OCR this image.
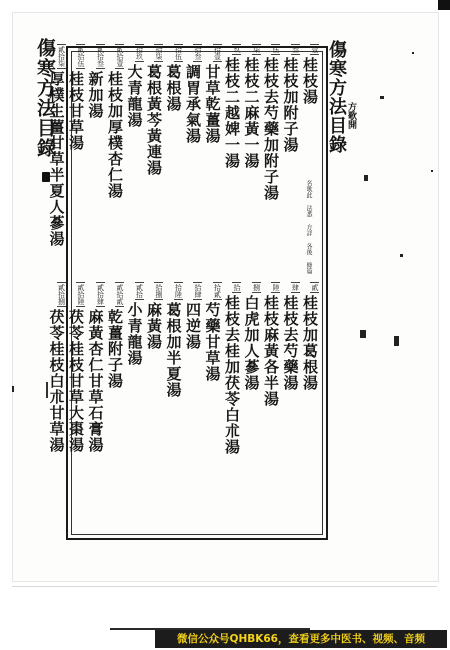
傷寒方法目錄	傷寒方法目錄 方歌開
名歌此 法悉 方詳 各後 條篇
壹
桂枝湯
叁
桂枝加附子湯
伍
桂枝去芍藥加附子湯
柒
桂枝二麻黃一湯
玖
桂枝二越婢一湯
拾壹
甘草乾薑湯
拾叁
調胃承氣湯
拾伍
葛根湯
拾柒
葛根黃芩黃連湯
拾玖
大青龍湯
貳拾壹
桂枝加厚樸杏仁湯
貳拾叁
新加湯
貳拾伍
桂枝甘草湯
貳拾柒
厚樸生薑甘草半夏人蔘湯
貳
桂枝加葛根湯
肆
桂枝去芍藥湯
陸
桂枝麻黃各半湯
捌
白虎加人蔘湯
拾
桂枝去桂加茯苓白朮湯
拾貳
芍藥甘草湯
拾肆
四逆湯
拾陸
葛根加半夏湯
拾捌
麻黃湯
貳拾
小青龍湯
貳拾貳
乾薑附子湯
貳拾肆
麻黃杏仁甘草石膏湯
貳拾陸
茯苓桂枝甘草大棗湯
貳拾捌
茯苓桂枝白朮甘草湯
微信公众号QHBK66，查看更多中医书、视频、音频
